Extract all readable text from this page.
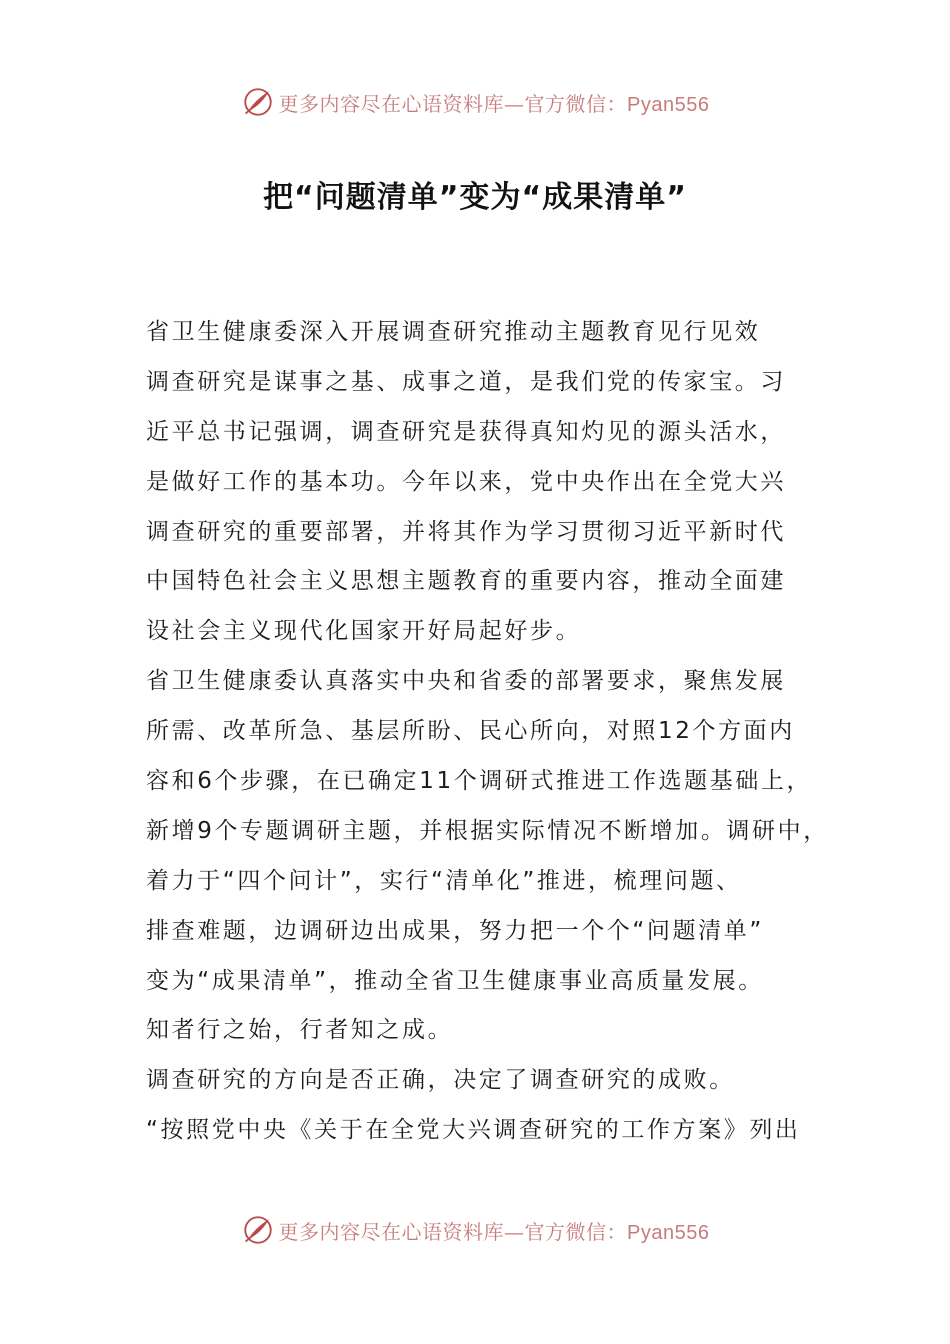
更多内容尽在心语资料库—官方微信：Pyan556
把“问题清单”变为“成果清单”
省卫生健康委深入开展调查研究推动主题教育见行见效
调查研究是谋事之基、成事之道，是我们党的传家宝。习
近平总书记强调，调查研究是获得真知灼见的源头活水，
是做好工作的基本功。今年以来，党中央作出在全党大兴
调查研究的重要部署，并将其作为学习贯彻习近平新时代
中国特色社会主义思想主题教育的重要内容，推动全面建
设社会主义现代化国家开好局起好步。
省卫生健康委认真落实中央和省委的部署要求，聚焦发展
所需、改革所急、基层所盼、民心所向，对照12个方面内
容和6个步骤，在已确定11个调研式推进工作选题基础上，
新增9个专题调研主题，并根据实际情况不断增加。调研中，
着力于“四个问计”，实行“清单化”推进，梳理问题、
排查难题，边调研边出成果，努力把一个个“问题清单”
变为“成果清单”，推动全省卫生健康事业高质量发展。
知者行之始，行者知之成。
调查研究的方向是否正确，决定了调查研究的成败。
“按照党中央《关于在全党大兴调查研究的工作方案》列出
更多内容尽在心语资料库—官方微信：Pyan556
